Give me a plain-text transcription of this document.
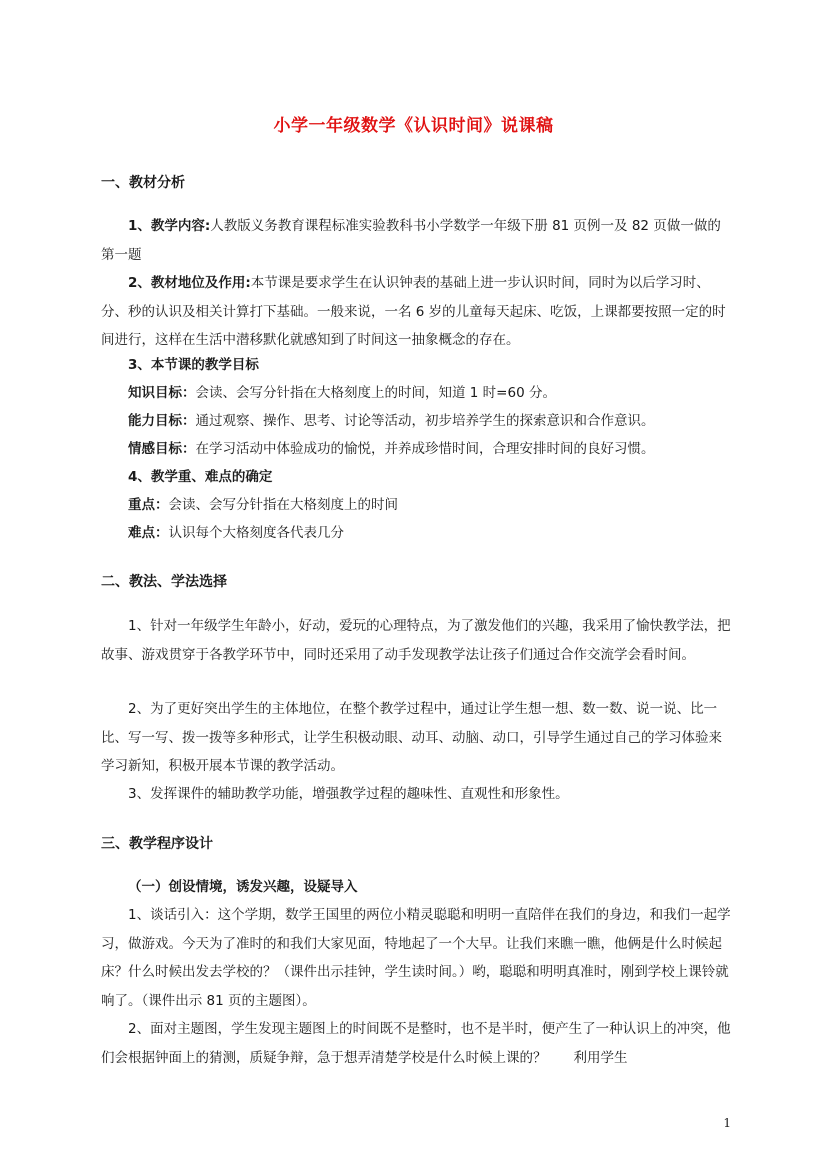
小学一年级数学《认识时间》说课稿
一、教材分析
1、教学内容:人教版义务教育课程标准实验教科书小学数学一年级下册 81 页例一及 82 页做一做的第一题
2、教材地位及作用:本节课是要求学生在认识钟表的基础上进一步认识时间，同时为以后学习时、分、秒的认识及相关计算打下基础。一般来说，一名 6 岁的儿童每天起床、吃饭，上课都要按照一定的时间进行，这样在生活中潜移默化就感知到了时间这一抽象概念的存在。
3、本节课的教学目标
知识目标：会读、会写分针指在大格刻度上的时间，知道 1 时=60 分。
能力目标：通过观察、操作、思考、讨论等活动，初步培养学生的探索意识和合作意识。
情感目标：在学习活动中体验成功的愉悦，并养成珍惜时间，合理安排时间的良好习惯。
4、教学重、难点的确定
重点：会读、会写分针指在大格刻度上的时间
难点：认识每个大格刻度各代表几分
二、教法、学法选择
1、针对一年级学生年龄小，好动，爱玩的心理特点，为了激发他们的兴趣，我采用了愉快教学法，把故事、游戏贯穿于各教学环节中，同时还采用了动手发现教学法让孩子们通过合作交流学会看时间。
2、为了更好突出学生的主体地位，在整个教学过程中，通过让学生想一想、数一数、说一说、比一比、写一写、拨一拨等多种形式，让学生积极动眼、动耳、动脑、动口，引导学生通过自己的学习体验来学习新知，积极开展本节课的教学活动。
3、发挥课件的辅助教学功能，增强教学过程的趣味性、直观性和形象性。
三、教学程序设计
（一）创设情境，诱发兴趣，设疑导入
1、谈话引入：这个学期，数学王国里的两位小精灵聪聪和明明一直陪伴在我们的身边，和我们一起学习，做游戏。今天为了准时的和我们大家见面，特地起了一个大早。让我们来瞧一瞧，他俩是什么时候起床？什么时候出发去学校的？（课件出示挂钟，学生读时间。）哟，聪聪和明明真准时，刚到学校上课铃就响了。（课件出示 81 页的主题图）。
2、面对主题图，学生发现主题图上的时间既不是整时，也不是半时，便产生了一种认识上的冲突，他们会根据钟面上的猜测，质疑争辩，急于想弄清楚学校是什么时候上课的？　　利用学生
1
